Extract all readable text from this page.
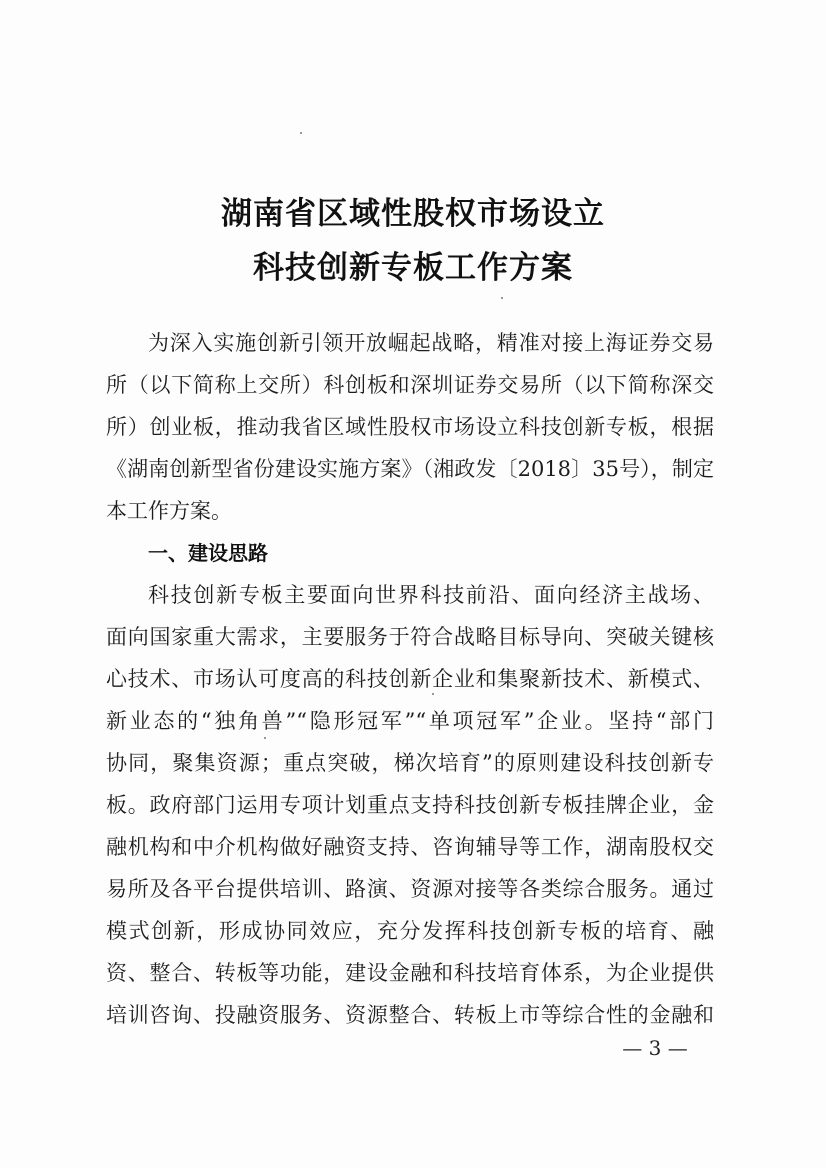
湖南省区域性股权市场设立
科技创新专板工作方案
为深入实施创新引领开放崛起战略，精准对接上海证券交易
所（以下简称上交所）科创板和深圳证券交易所（以下简称深交
所）创业板，推动我省区域性股权市场设立科技创新专板，根据
《湖南创新型省份建设实施方案》（湘政发〔2018〕35号），制定
本工作方案。
一、建设思路
科技创新专板主要面向世界科技前沿、面向经济主战场、
面向国家重大需求，主要服务于符合战略目标导向、突破关键核
心技术、市场认可度高的科技创新企业和集聚新技术、新模式、
新业态的“独角兽”“隐形冠军”“单项冠军”企业。坚持“部门
协同，聚集资源；重点突破，梯次培育”的原则建设科技创新专
板。政府部门运用专项计划重点支持科技创新专板挂牌企业，金
融机构和中介机构做好融资支持、咨询辅导等工作，湖南股权交
易所及各平台提供培训、路演、资源对接等各类综合服务。通过
模式创新，形成协同效应，充分发挥科技创新专板的培育、融
资、整合、转板等功能，建设金融和科技培育体系，为企业提供
培训咨询、投融资服务、资源整合、转板上市等综合性的金融和
— 3 —
